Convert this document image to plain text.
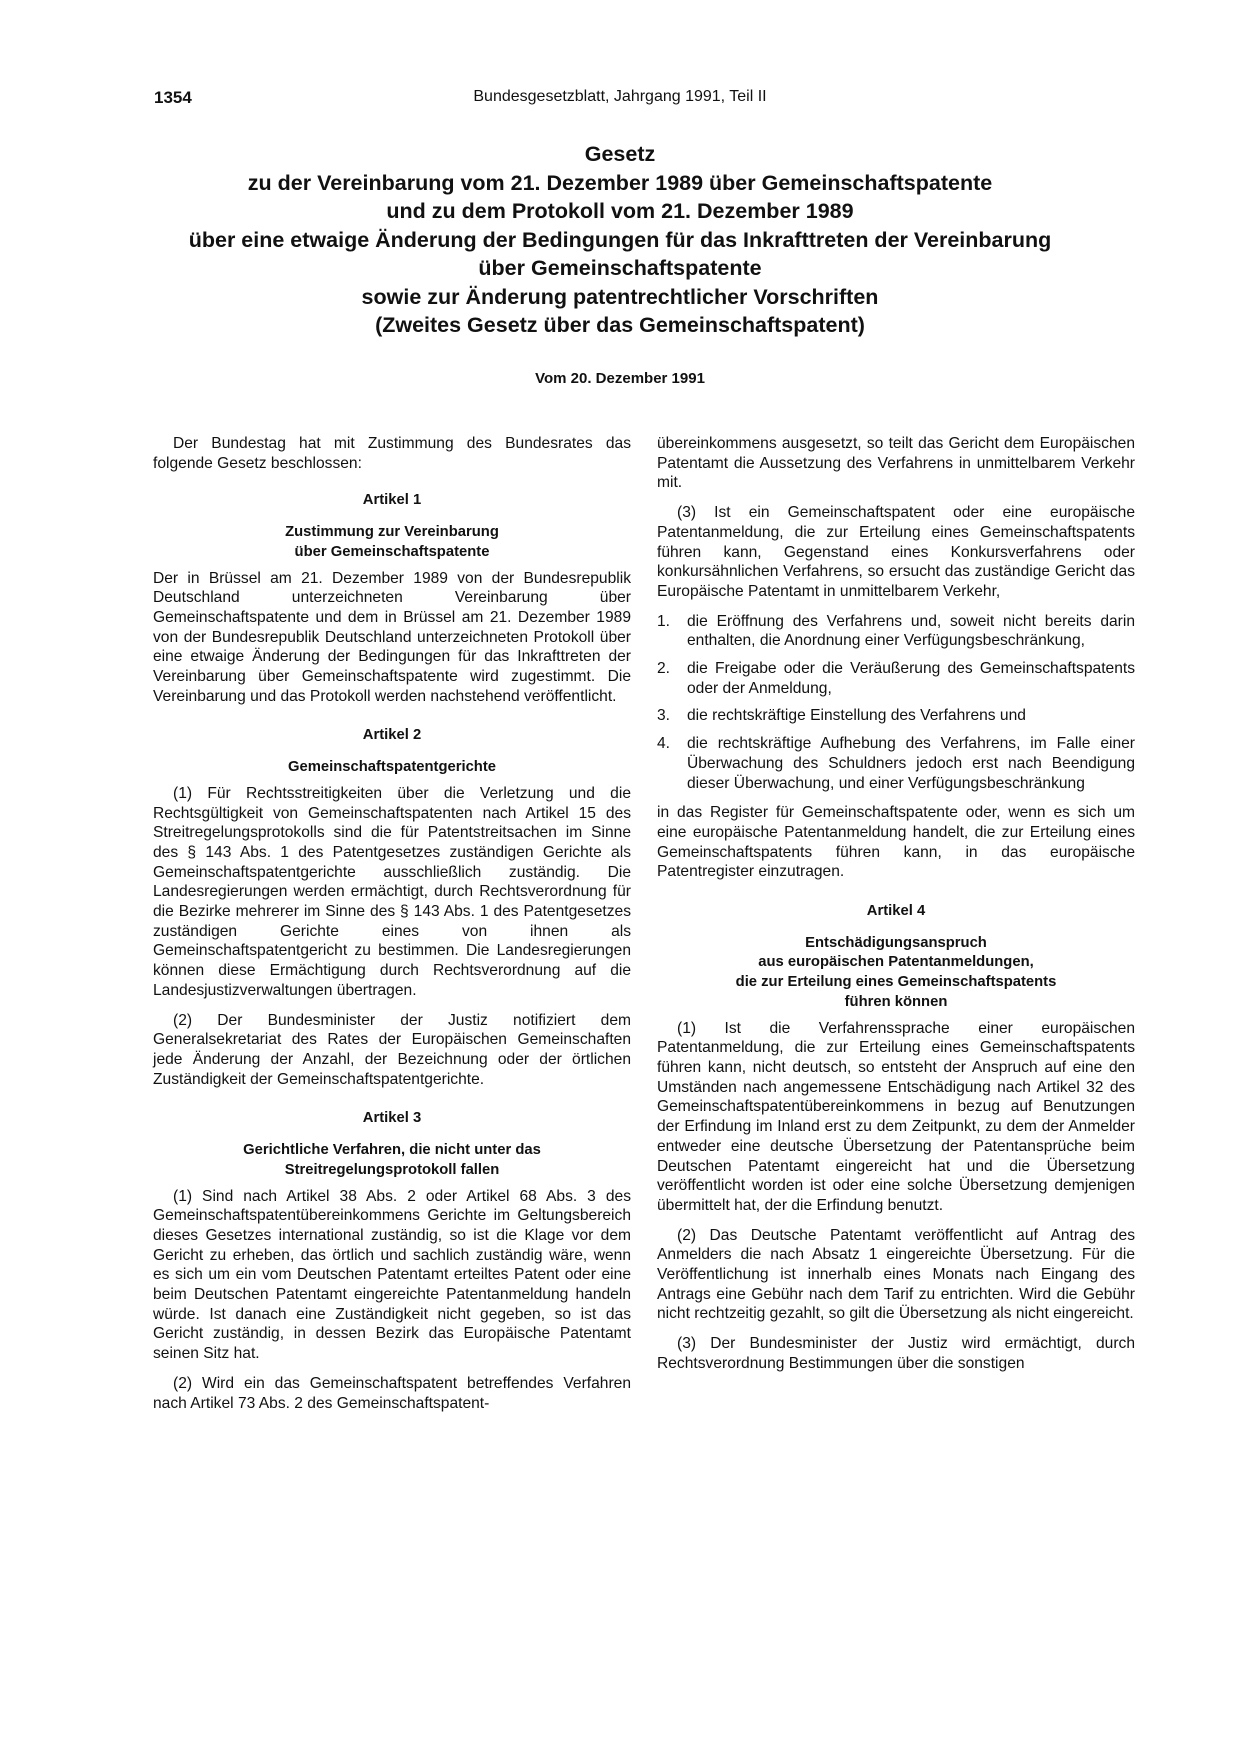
1354	Bundesgesetzblatt, Jahrgang 1991, Teil II
Gesetz
zu der Vereinbarung vom 21. Dezember 1989 über Gemeinschaftspatente
und zu dem Protokoll vom 21. Dezember 1989
über eine etwaige Änderung der Bedingungen für das Inkrafttreten der Vereinbarung
über Gemeinschaftspatente
sowie zur Änderung patentrechtlicher Vorschriften
(Zweites Gesetz über das Gemeinschaftspatent)
Vom 20. Dezember 1991

Der Bundestag hat mit Zustimmung des Bundesrates das folgende Gesetz beschlossen:

Artikel 1
Zustimmung zur Vereinbarung
über Gemeinschaftspatente

Der in Brüssel am 21. Dezember 1989 von der Bundesrepublik Deutschland unterzeichneten Vereinbarung über Gemeinschaftspatente und dem in Brüssel am 21. Dezember 1989 von der Bundesrepublik Deutschland unterzeichneten Protokoll über eine etwaige Änderung der Bedingungen für das Inkrafttreten der Vereinbarung über Gemeinschaftspatente wird zugestimmt. Die Vereinbarung und das Protokoll werden nachstehend veröffentlicht.

Artikel 2
Gemeinschaftspatentgerichte

(1) Für Rechtsstreitigkeiten über die Verletzung und die Rechtsgültigkeit von Gemeinschaftspatenten nach Artikel 15 des Streitregelungsprotokolls sind die für Patentstreitsachen im Sinne des § 143 Abs. 1 des Patentgesetzes zuständigen Gerichte als Gemeinschaftspatentgerichte ausschließlich zuständig. Die Landesregierungen werden ermächtigt, durch Rechtsverordnung für die Bezirke mehrerer im Sinne des § 143 Abs. 1 des Patentgesetzes zuständigen Gerichte eines von ihnen als Gemeinschaftspatentgericht zu bestimmen. Die Landesregierungen können diese Ermächtigung durch Rechtsverordnung auf die Landesjustizverwaltungen übertragen.

(2) Der Bundesminister der Justiz notifiziert dem Generalsekretariat des Rates der Europäischen Gemeinschaften jede Änderung der Anzahl, der Bezeichnung oder der örtlichen Zuständigkeit der Gemeinschaftspatentgerichte.

Artikel 3
Gerichtliche Verfahren, die nicht unter das
Streitregelungsprotokoll fallen

(1) Sind nach Artikel 38 Abs. 2 oder Artikel 68 Abs. 3 des Gemeinschaftspatentübereinkommens Gerichte im Geltungsbereich dieses Gesetzes international zuständig, so ist die Klage vor dem Gericht zu erheben, das örtlich und sachlich zuständig wäre, wenn es sich um ein vom Deutschen Patentamt erteiltes Patent oder eine beim Deutschen Patentamt eingereichte Patentanmeldung handeln würde. Ist danach eine Zuständigkeit nicht gegeben, so ist das Gericht zuständig, in dessen Bezirk das Europäische Patentamt seinen Sitz hat.

(2) Wird ein das Gemeinschaftspatent betreffendes Verfahren nach Artikel 73 Abs. 2 des Gemeinschaftspatent-

übereinkommens ausgesetzt, so teilt das Gericht dem Europäischen Patentamt die Aussetzung des Verfahrens in unmittelbarem Verkehr mit.

(3) Ist ein Gemeinschaftspatent oder eine europäische Patentanmeldung, die zur Erteilung eines Gemeinschaftspatents führen kann, Gegenstand eines Konkursverfahrens oder konkursähnlichen Verfahrens, so ersucht das zuständige Gericht das Europäische Patentamt in unmittelbarem Verkehr,

1.	die Eröffnung des Verfahrens und, soweit nicht bereits darin enthalten, die Anordnung einer Verfügungsbeschränkung,
2.	die Freigabe oder die Veräußerung des Gemeinschaftspatents oder der Anmeldung,
3.	die rechtskräftige Einstellung des Verfahrens und
4.	die rechtskräftige Aufhebung des Verfahrens, im Falle einer Überwachung des Schuldners jedoch erst nach Beendigung dieser Überwachung, und einer Verfügungsbeschränkung

in das Register für Gemeinschaftspatente oder, wenn es sich um eine europäische Patentanmeldung handelt, die zur Erteilung eines Gemeinschaftspatents führen kann, in das europäische Patentregister einzutragen.

Artikel 4
Entschädigungsanspruch
aus europäischen Patentanmeldungen,
die zur Erteilung eines Gemeinschaftspatents
führen können

(1) Ist die Verfahrenssprache einer europäischen Patentanmeldung, die zur Erteilung eines Gemeinschaftspatents führen kann, nicht deutsch, so entsteht der Anspruch auf eine den Umständen nach angemessene Entschädigung nach Artikel 32 des Gemeinschaftspatentübereinkommens in bezug auf Benutzungen der Erfindung im Inland erst zu dem Zeitpunkt, zu dem der Anmelder entweder eine deutsche Übersetzung der Patentansprüche beim Deutschen Patentamt eingereicht hat und die Übersetzung veröffentlicht worden ist oder eine solche Übersetzung demjenigen übermittelt hat, der die Erfindung benutzt.

(2) Das Deutsche Patentamt veröffentlicht auf Antrag des Anmelders die nach Absatz 1 eingereichte Übersetzung. Für die Veröffentlichung ist innerhalb eines Monats nach Eingang des Antrags eine Gebühr nach dem Tarif zu entrichten. Wird die Gebühr nicht rechtzeitig gezahlt, so gilt die Übersetzung als nicht eingereicht.

(3) Der Bundesminister der Justiz wird ermächtigt, durch Rechtsverordnung Bestimmungen über die sonstigen
